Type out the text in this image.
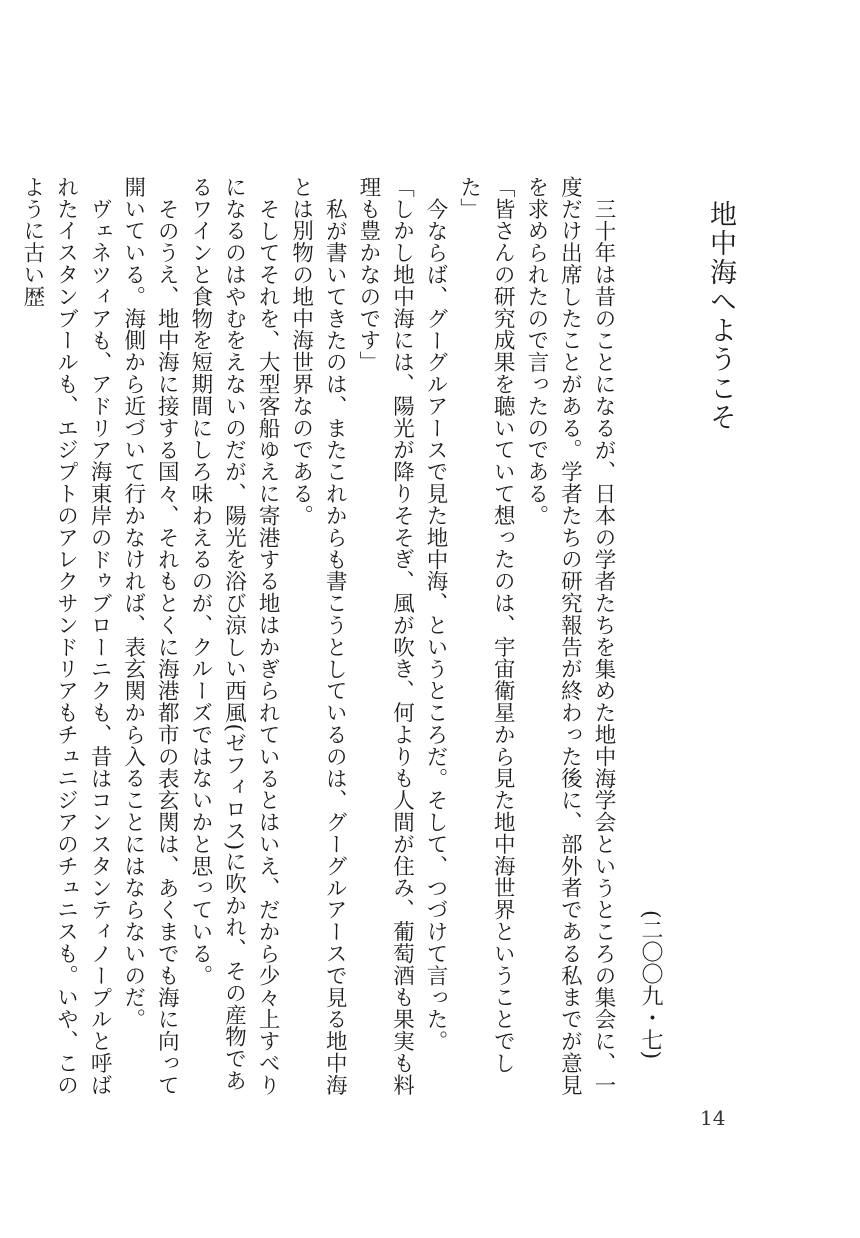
地中海へようこそ
(二〇〇九・七)

三十年は昔のことになるが、日本の学者たちを集めた地中海学会というところの集会に、一度だけ出席したことがある。学者たちの研究報告が終わった後に、部外者である私までが意見を求められたので言ったのである。

「皆さんの研究成果を聴いていて想ったのは、宇宙衛星から見た地中海世界ということでした」

今ならば、グーグルアースで見た地中海、というところだ。そして、つづけて言った。

「しかし地中海には、陽光が降りそそぎ、風が吹き、何よりも人間が住み、葡萄酒も果実も料理も豊かなのです」

私が書いてきたのは、またこれからも書こうとしているのは、グーグルアースで見る地中海とは別物の地中海世界なのである。

そしてそれを、大型客船ゆえに寄港する地はかぎられているとはいえ、だから少々上すべりになるのはやむをえないのだが、陽光を浴び涼しい西風(ゼフィロス)に吹かれ、その産物であるワインと食物を短期間にしろ味わえるのが、クルーズではないかと思っている。

そのうえ、地中海に接する国々、それもとくに海港都市の表玄関は、あくまでも海に向って開いている。海側から近づいて行かなければ、表玄関から入ることにはならないのだ。

ヴェネツィアも、アドリア海東岸のドゥブローニクも、昔はコンスタンティノープルと呼ばれたイスタンブールも、エジプトのアレクサンドリアもチュニジアのチュニスも。いや、このように古い歴

14
